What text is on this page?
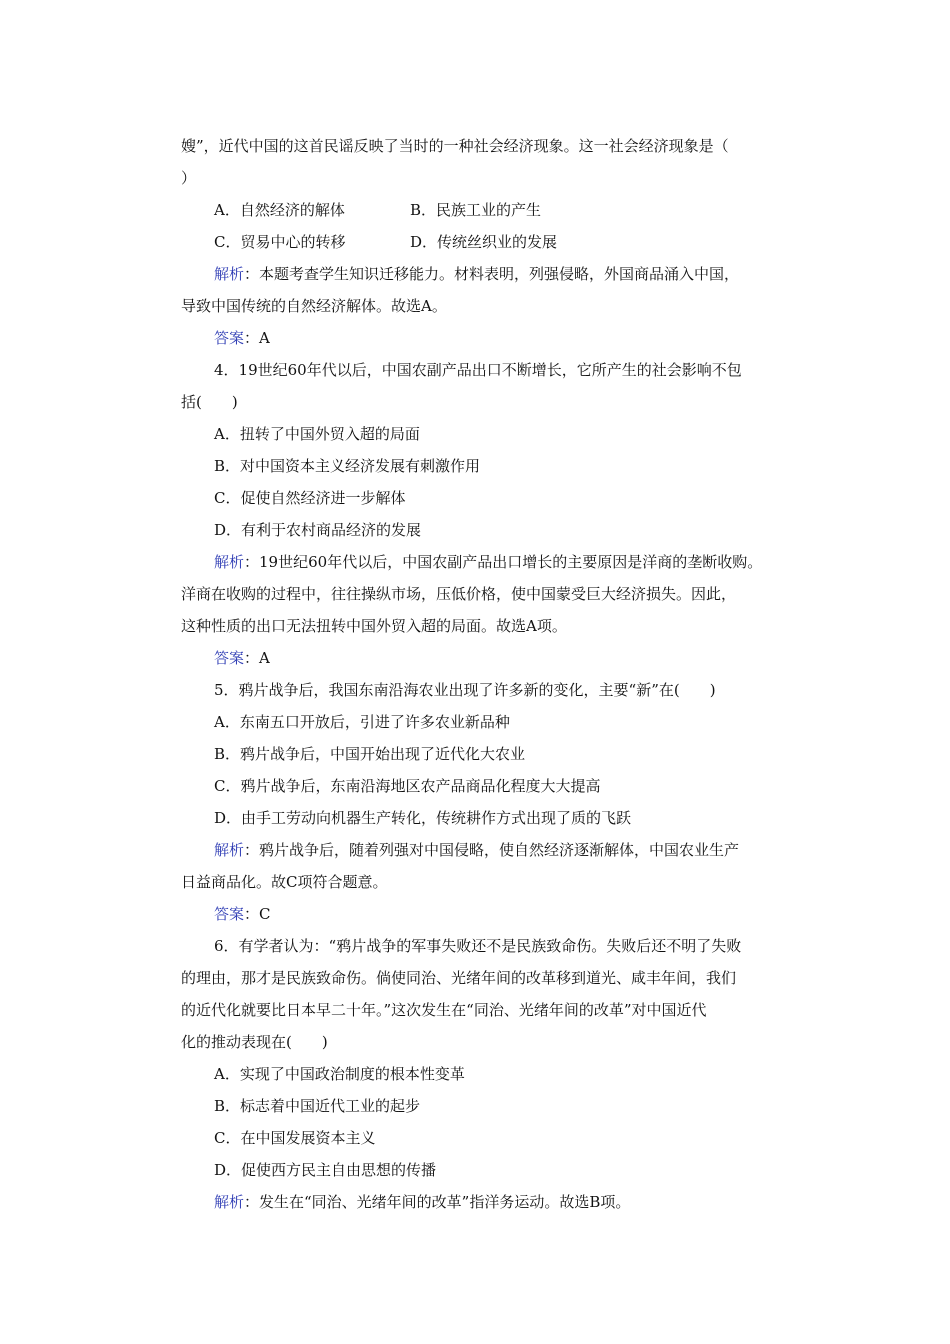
嫂”，近代中国的这首民谣反映了当时的一种社会经济现象。这一社会经济现象是（
）
A．自然经济的解体	B．民族工业的产生
C．贸易中心的转移	D．传统丝织业的发展
解析：本题考查学生知识迁移能力。材料表明，列强侵略，外国商品涌入中国，
导致中国传统的自然经济解体。故选A。
答案：A
4．19世纪60年代以后，中国农副产品出口不断增长，它所产生的社会影响不包
括(　　)
A．扭转了中国外贸入超的局面
B．对中国资本主义经济发展有刺激作用
C．促使自然经济进一步解体
D．有利于农村商品经济的发展
解析：19世纪60年代以后，中国农副产品出口增长的主要原因是洋商的垄断收购。
洋商在收购的过程中，往往操纵市场，压低价格，使中国蒙受巨大经济损失。因此，
这种性质的出口无法扭转中国外贸入超的局面。故选A项。
答案：A
5．鸦片战争后，我国东南沿海农业出现了许多新的变化，主要“新”在(　　)
A．东南五口开放后，引进了许多农业新品种
B．鸦片战争后，中国开始出现了近代化大农业
C．鸦片战争后，东南沿海地区农产品商品化程度大大提高
D．由手工劳动向机器生产转化，传统耕作方式出现了质的飞跃
解析：鸦片战争后，随着列强对中国侵略，使自然经济逐渐解体，中国农业生产
日益商品化。故C项符合题意。
答案：C
6．有学者认为：“鸦片战争的军事失败还不是民族致命伤。失败后还不明了失败
的理由，那才是民族致命伤。倘使同治、光绪年间的改革移到道光、咸丰年间，我们
的近代化就要比日本早二十年。”这次发生在“同治、光绪年间的改革”对中国近代
化的推动表现在(　　)
A．实现了中国政治制度的根本性变革
B．标志着中国近代工业的起步
C．在中国发展资本主义
D．促使西方民主自由思想的传播
解析：发生在“同治、光绪年间的改革”指洋务运动。故选B项。
